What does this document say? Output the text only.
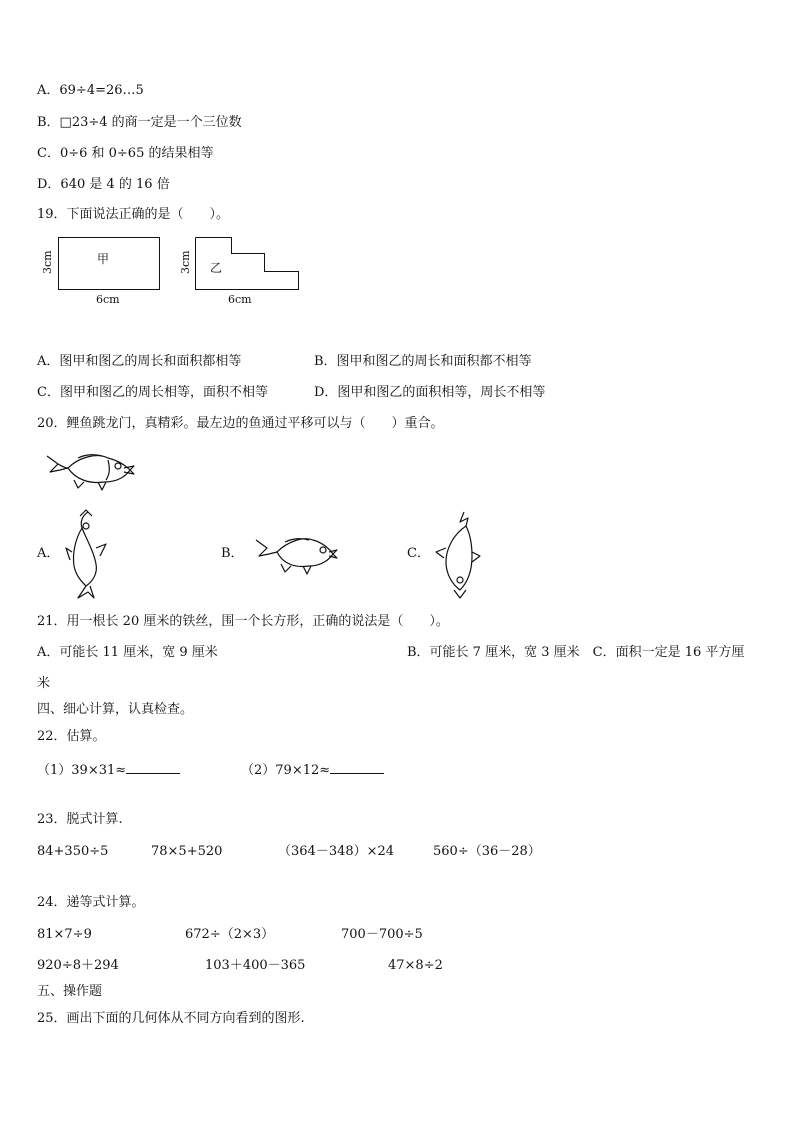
A．69÷4=26…5
B．□23÷4 的商一定是一个三位数
C．0÷6 和 0÷65 的结果相等
D．640 是 4 的 16 倍
19．下面说法正确的是（　　）。
甲
3cm
6cm
乙
3cm
6cm
A．图甲和图乙的周长和面积都相等	B．图甲和图乙的周长和面积都不相等
C．图甲和图乙的周长相等，面积不相等	D．图甲和图乙的面积相等，周长不相等
20．鲤鱼跳龙门，真精彩。最左边的鱼通过平移可以与（　　）重合。
A．	B．	C．
21．用一根长 20 厘米的铁丝，围一个长方形，正确的说法是（　　）。
A．可能长 11 厘米，宽 9 厘米	B．可能长 7 厘米，宽 3 厘米　C．面积一定是 16 平方厘
米
四、细心计算，认真检查。
22．估算。
（1）39×31≈	（2）79×12≈
23．脱式计算.
84+350÷5	78×5+520	（364－348）×24	560÷（36－28）
24．递等式计算。
81×7÷9	672÷（2×3）	700－700÷5
920÷8＋294	103＋400－365	47×8÷2
五、操作题
25．画出下面的几何体从不同方向看到的图形.
